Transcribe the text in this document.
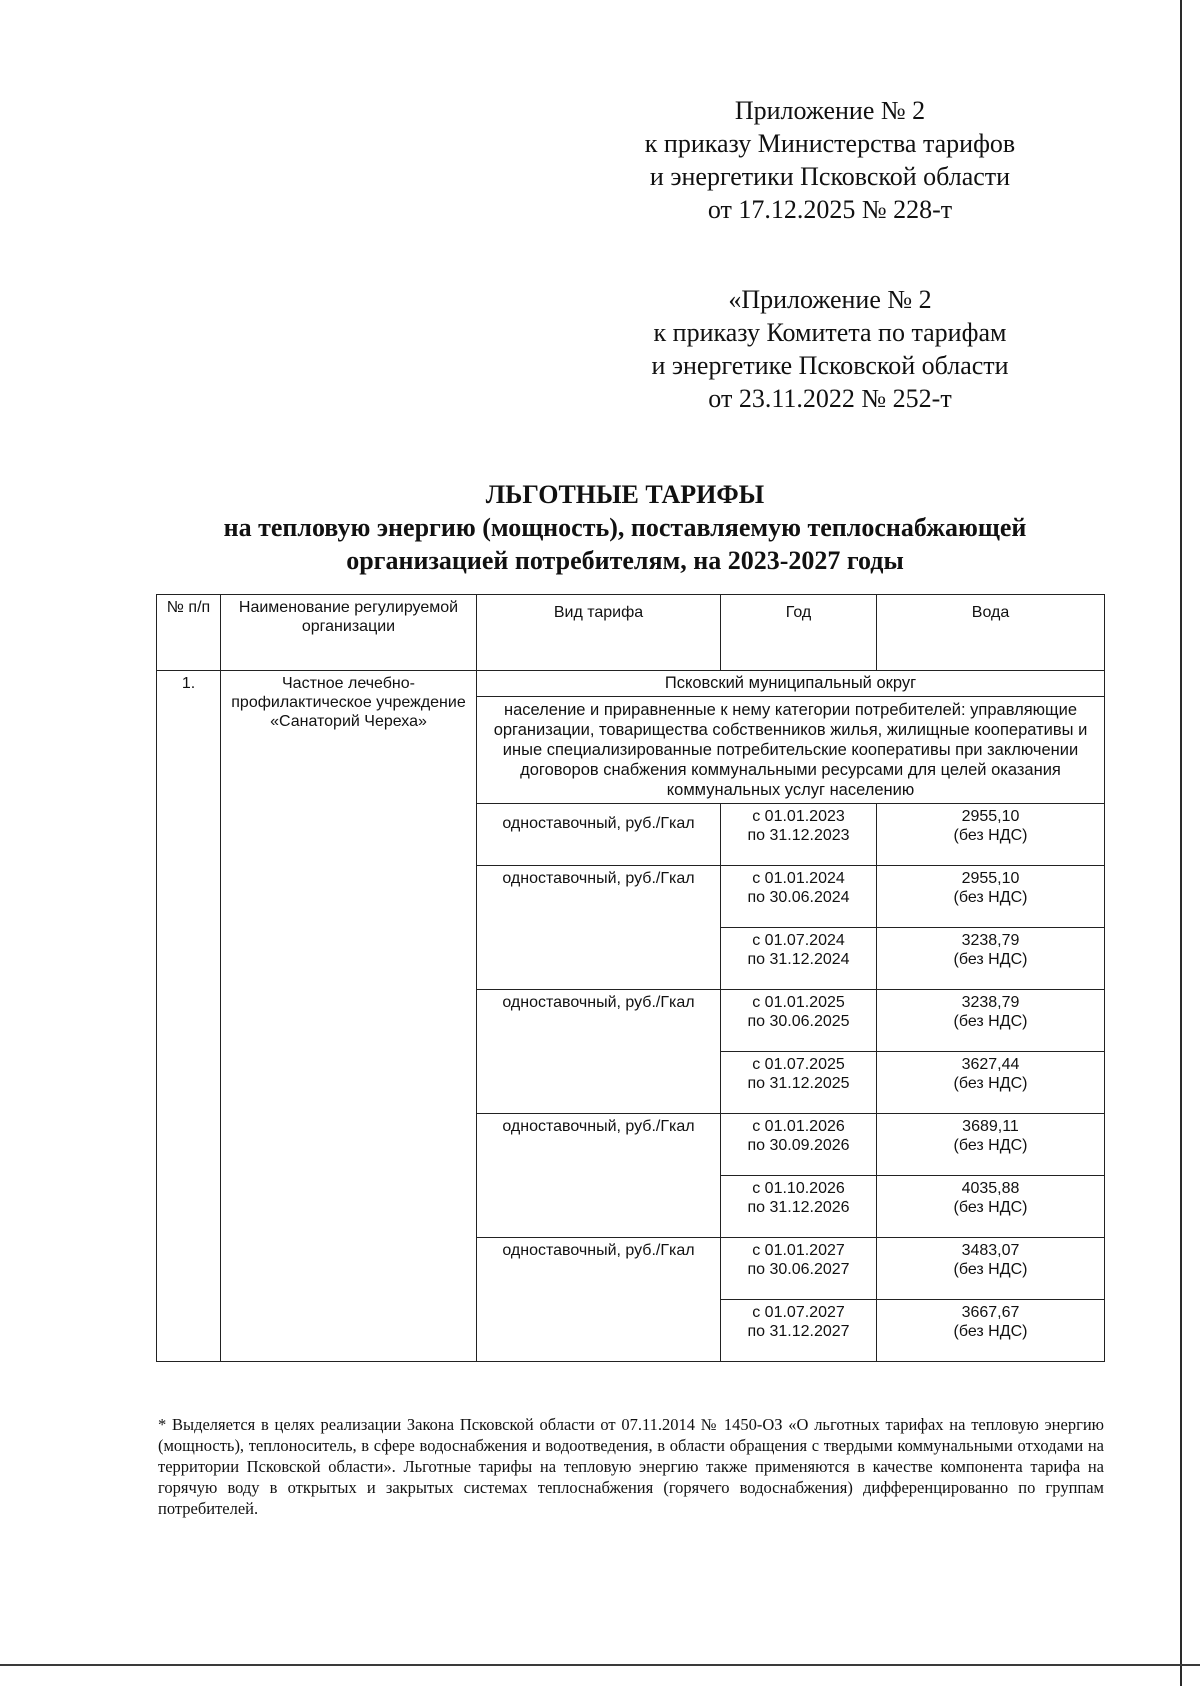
Приложение № 2
к приказу Министерства тарифов
и энергетики Псковской области
от 17.12.2025 № 228-т
«Приложение № 2
к приказу Комитета по тарифам
и энергетике Псковской области
от 23.11.2022 № 252-т
ЛЬГОТНЫЕ ТАРИФЫ
на тепловую энергию (мощность), поставляемую теплоснабжающей
организацией потребителям, на 2023-2027 годы
№ п/п	Наименование регулируемой организации	Вид тарифа	Год	Вода
1.	Частное лечебно-профилактическое учреждение «Санаторий Череха»	Псковский муниципальный округ		
		население и приравненные к нему категории потребителей: управляющие организации, товарищества собственников жилья, жилищные кооперативы и иные специализированные потребительские кооперативы при заключении договоров снабжения коммунальными ресурсами для целей оказания коммунальных услуг населению		
		одноставочный, руб./Гкал	с 01.01.2023
по 31.12.2023	2955,10
(без НДС)
		одноставочный, руб./Гкал	с 01.01.2024
по 30.06.2024	2955,10
(без НДС)
			с 01.07.2024
по 31.12.2024	3238,79
(без НДС)
		одноставочный, руб./Гкал	с 01.01.2025
по 30.06.2025	3238,79
(без НДС)
			с 01.07.2025
по 31.12.2025	3627,44
(без НДС)
		одноставочный, руб./Гкал	с 01.01.2026
по 30.09.2026	3689,11
(без НДС)
			с 01.10.2026
по 31.12.2026	4035,88
(без НДС)
		одноставочный, руб./Гкал	с 01.01.2027
по 30.06.2027	3483,07
(без НДС)
			с 01.07.2027
по 31.12.2027	3667,67
(без НДС)
* Выделяется в целях реализации Закона Псковской области от 07.11.2014 № 1450-ОЗ «О льготных тарифах на тепловую энергию (мощность), теплоноситель, в сфере водоснабжения и водоотведения, в области обращения с твердыми коммунальными отходами на территории Псковской области». Льготные тарифы на тепловую энергию также применяются в качестве компонента тарифа на горячую воду в открытых и закрытых системах теплоснабжения (горячего водоснабжения) дифференцированно по группам потребителей.
